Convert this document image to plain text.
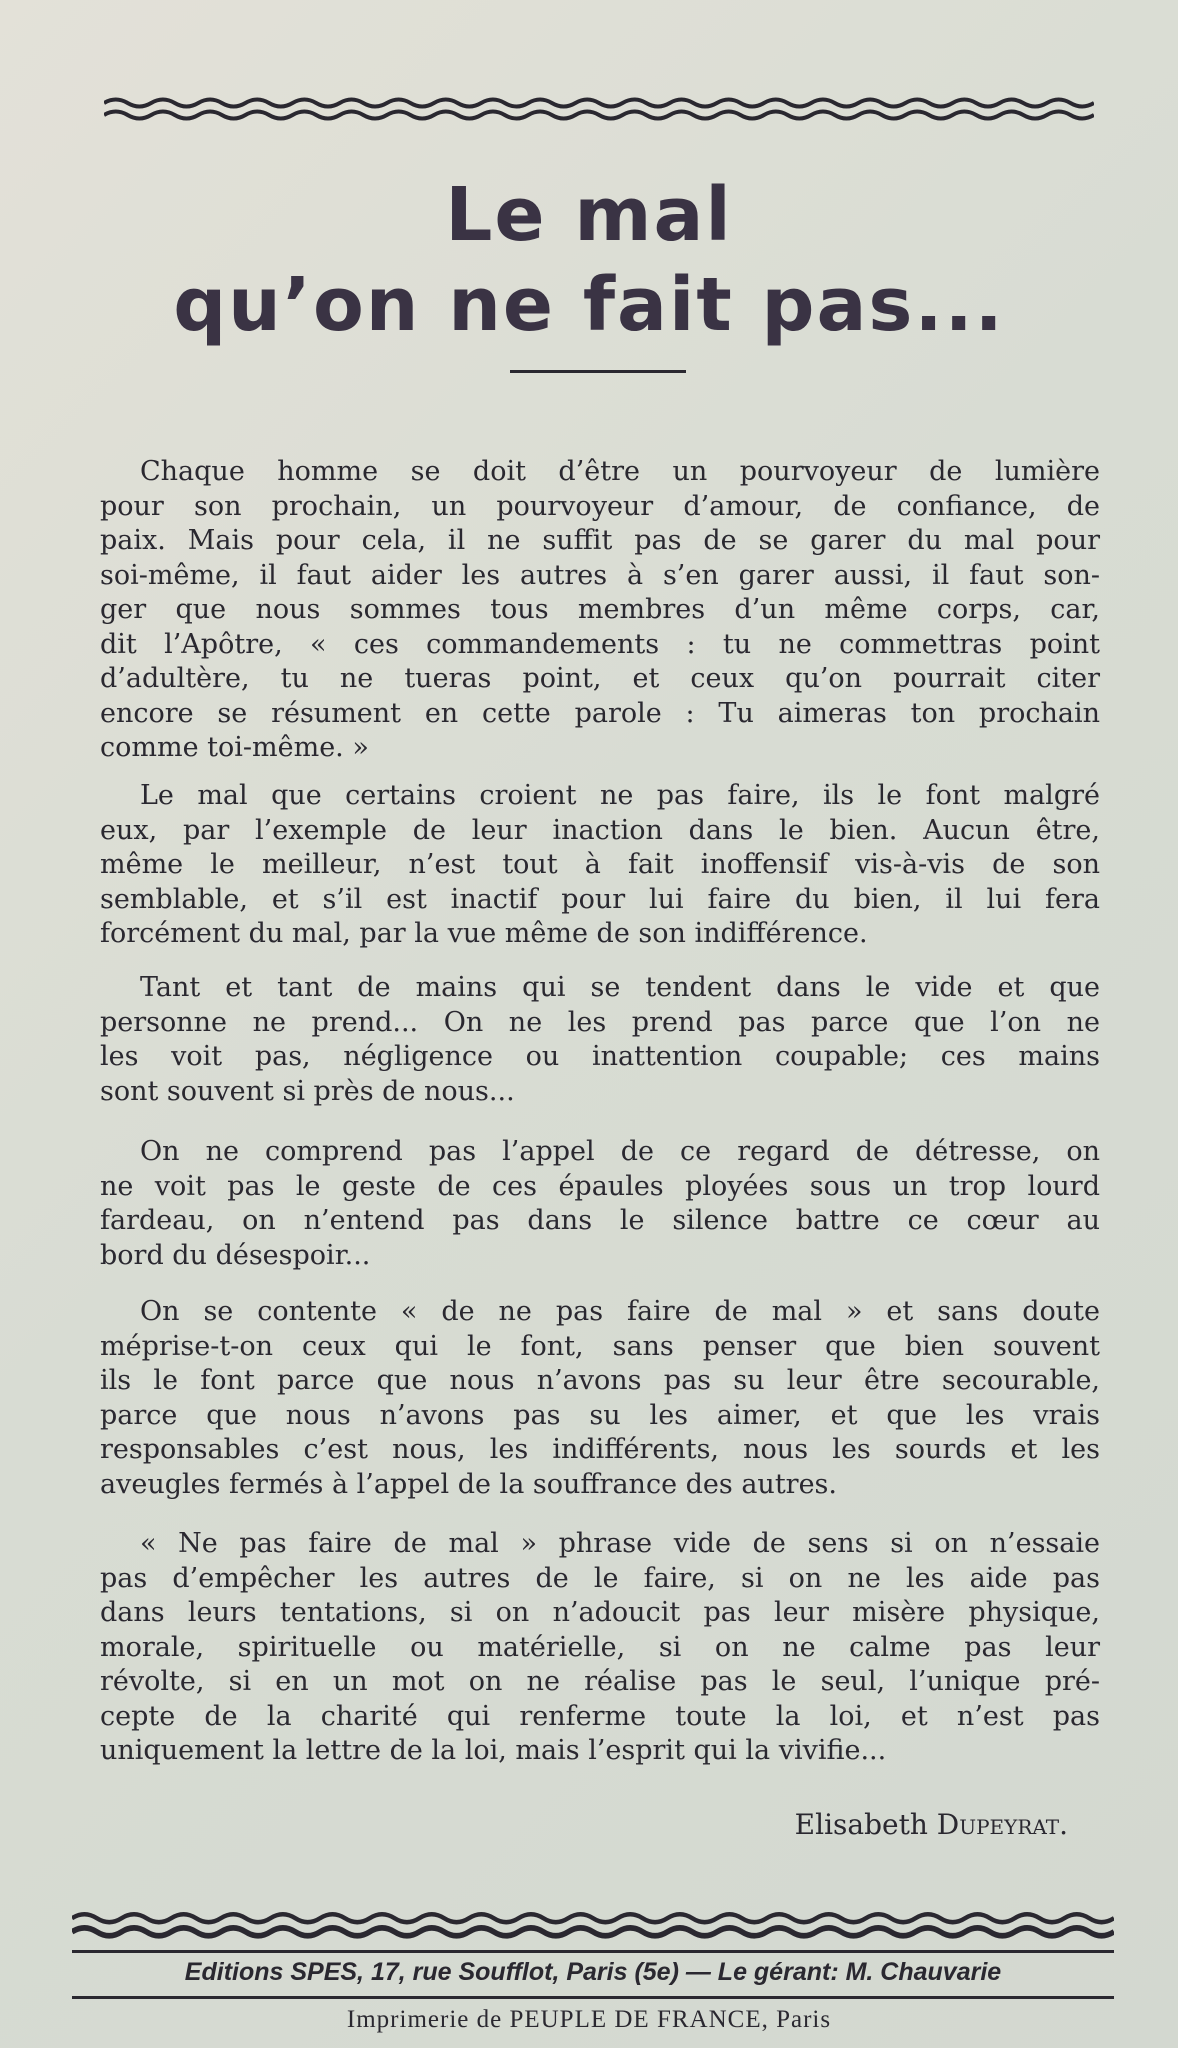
Le mal
qu’on ne fait pas...
Chaque homme se doit d’être un pourvoyeur de lumière
pour son prochain, un pourvoyeur d’amour, de confiance, de
paix. Mais pour cela, il ne suffit pas de se garer du mal pour
soi-même, il faut aider les autres à s’en garer aussi, il faut son-
ger que nous sommes tous membres d’un même corps, car,
dit l’Apôtre, « ces commandements : tu ne commettras point
d’adultère, tu ne tueras point, et ceux qu’on pourrait citer
encore se résument en cette parole : Tu aimeras ton prochain
comme toi-même. »
Le mal que certains croient ne pas faire, ils le font malgré
eux, par l’exemple de leur inaction dans le bien. Aucun être,
même le meilleur, n’est tout à fait inoffensif vis-à-vis de son
semblable, et s’il est inactif pour lui faire du bien, il lui fera
forcément du mal, par la vue même de son indifférence.
Tant et tant de mains qui se tendent dans le vide et que
personne ne prend... On ne les prend pas parce que l’on ne
les voit pas, négligence ou inattention coupable; ces mains
sont souvent si près de nous...
On ne comprend pas l’appel de ce regard de détresse, on
ne voit pas le geste de ces épaules ployées sous un trop lourd
fardeau, on n’entend pas dans le silence battre ce cœur au
bord du désespoir...
On se contente « de ne pas faire de mal » et sans doute
méprise-t-on ceux qui le font, sans penser que bien souvent
ils le font parce que nous n’avons pas su leur être secourable,
parce que nous n’avons pas su les aimer, et que les vrais
responsables c’est nous, les indifférents, nous les sourds et les
aveugles fermés à l’appel de la souffrance des autres.
« Ne pas faire de mal » phrase vide de sens si on n’essaie
pas d’empêcher les autres de le faire, si on ne les aide pas
dans leurs tentations, si on n’adoucit pas leur misère physique,
morale, spirituelle ou matérielle, si on ne calme pas leur
révolte, si en un mot on ne réalise pas le seul, l’unique pré-
cepte de la charité qui renferme toute la loi, et n’est pas
uniquement la lettre de la loi, mais l’esprit qui la vivifie...
Elisabeth Dupeyrat.
Editions SPES, 17, rue Soufflot, Paris (5e) — Le gérant: M. Chauvarie
Imprimerie de PEUPLE DE FRANCE, Paris
